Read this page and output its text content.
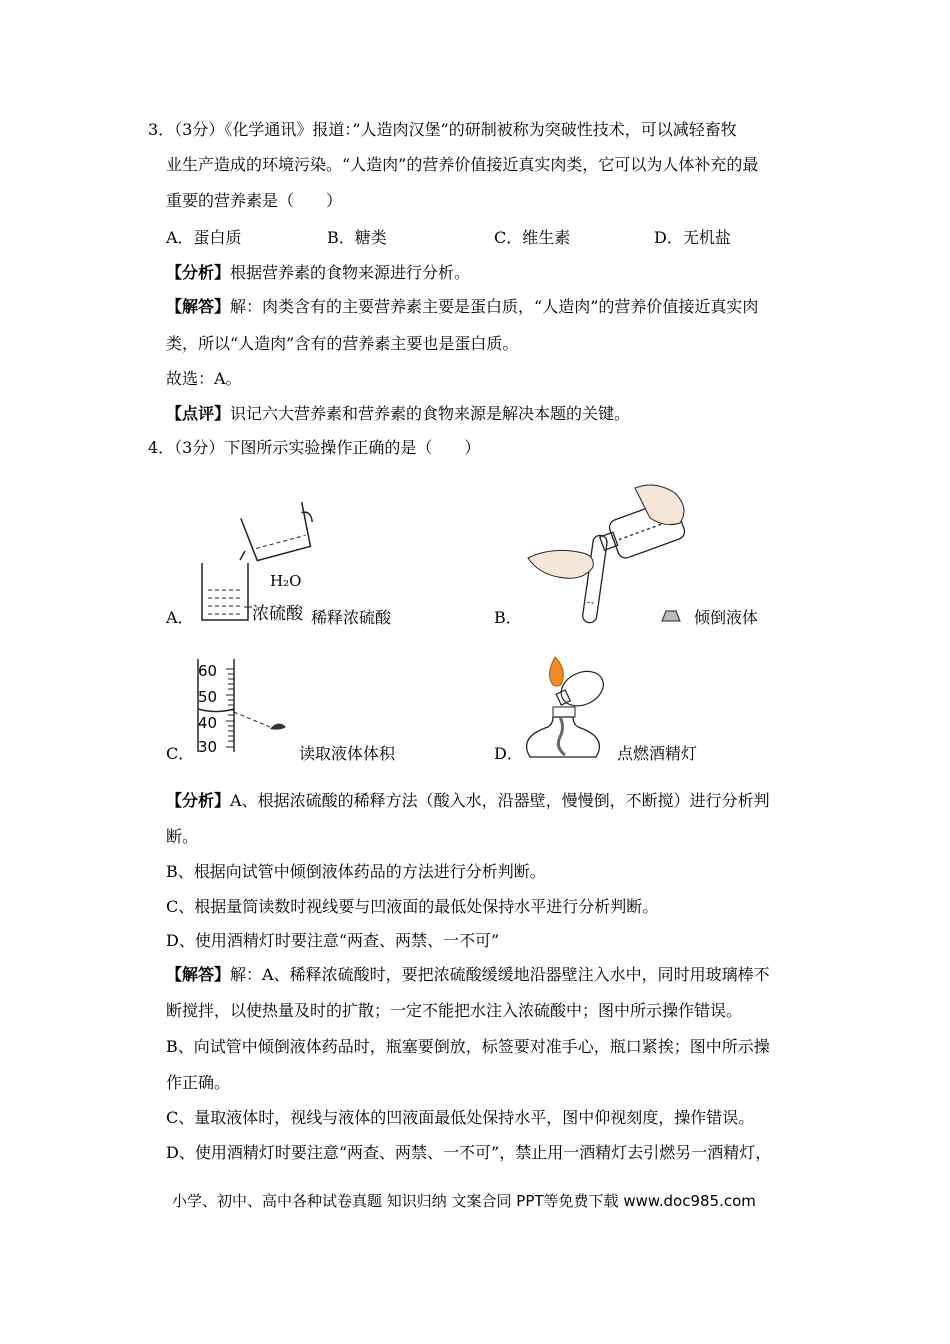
3．（3分）《化学通讯》报道：”人造肉汉堡”的研制被称为突破性技术，可以减轻畜牧
业生产造成的环境污染。“人造肉”的营养价值接近真实肉类，它可以为人体补充的最
重要的营养素是（　　）
A．蛋白质	B．糖类	C．维生素	D．无机盐
【分析】根据营养素的食物来源进行分析。
【解答】解：肉类含有的主要营养素主要是蛋白质，“人造肉”的营养价值接近真实肉
类，所以“人造肉”含有的营养素主要也是蛋白质。
故选：A。
【点评】识记六大营养素和营养素的食物来源是解决本题的关键。
4．（3分）下图所示实验操作正确的是（　　）
A．
H₂O
浓硫酸 稀释浓硫酸	B．	倾倒液体
C．
60
50
40
30	读取液体体积	D．	点燃酒精灯
【分析】A、根据浓硫酸的稀释方法（酸入水，沿器壁，慢慢倒，不断搅）进行分析判
断。
B、根据向试管中倾倒液体药品的方法进行分析判断。
C、根据量筒读数时视线要与凹液面的最低处保持水平进行分析判断。
D、使用酒精灯时要注意“两查、两禁、一不可”
【解答】解：A、稀释浓硫酸时，要把浓硫酸缓缓地沿器壁注入水中，同时用玻璃棒不
断搅拌，以使热量及时的扩散；一定不能把水注入浓硫酸中；图中所示操作错误。
B、向试管中倾倒液体药品时，瓶塞要倒放，标签要对准手心，瓶口紧挨；图中所示操
作正确。
C、量取液体时，视线与液体的凹液面最低处保持水平，图中仰视刻度，操作错误。
D、使用酒精灯时要注意“两查、两禁、一不可”，禁止用一酒精灯去引燃另一酒精灯，
小学、初中、高中各种试卷真题 知识归纳 文案合同 PPT等免费下载 www.doc985.com
